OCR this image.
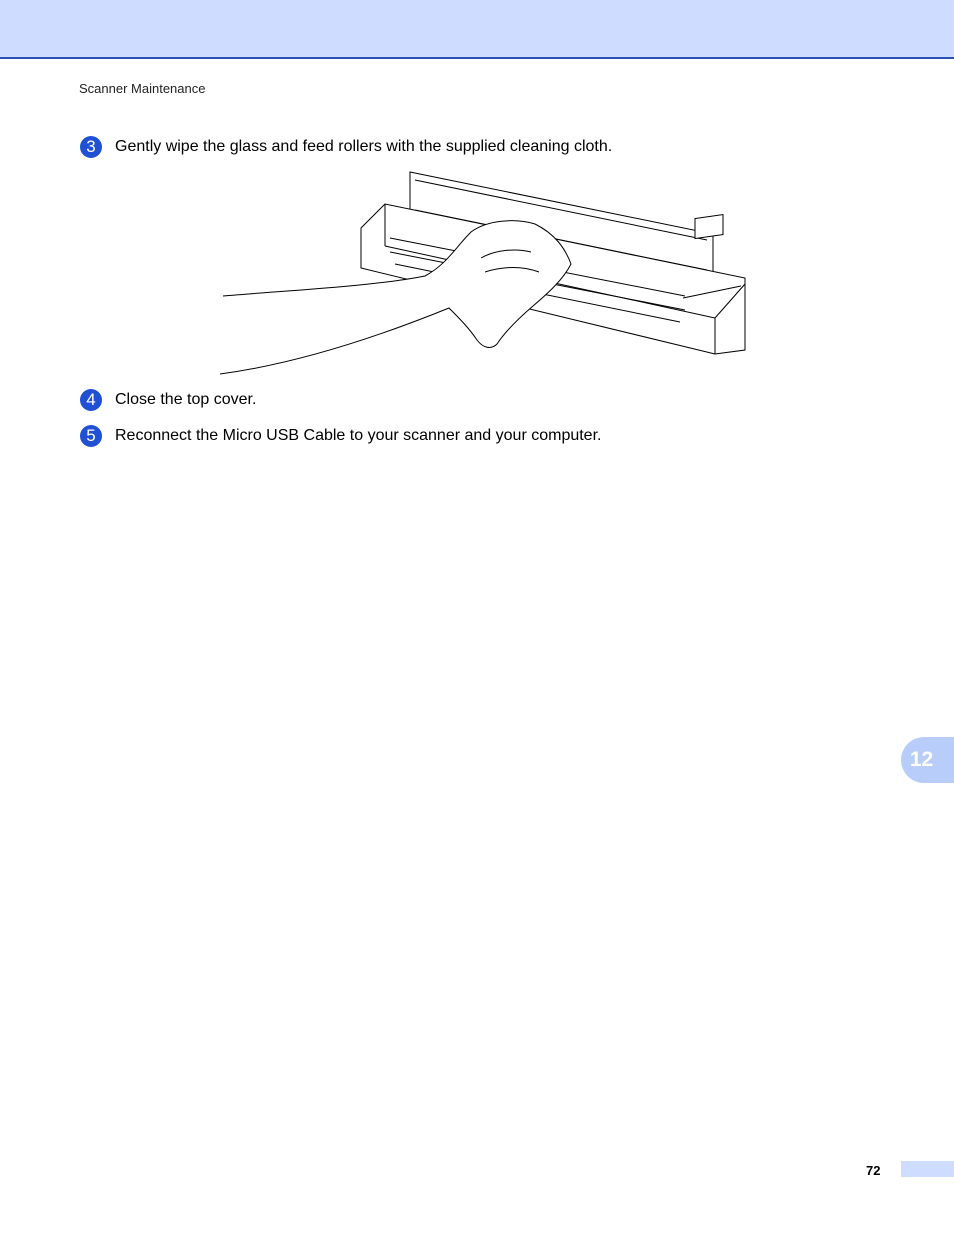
Scanner Maintenance
3	Gently wipe the glass and feed rollers with the supplied cleaning cloth.
4	Close the top cover.
5	Reconnect the Micro USB Cable to your scanner and your computer.
12
72
